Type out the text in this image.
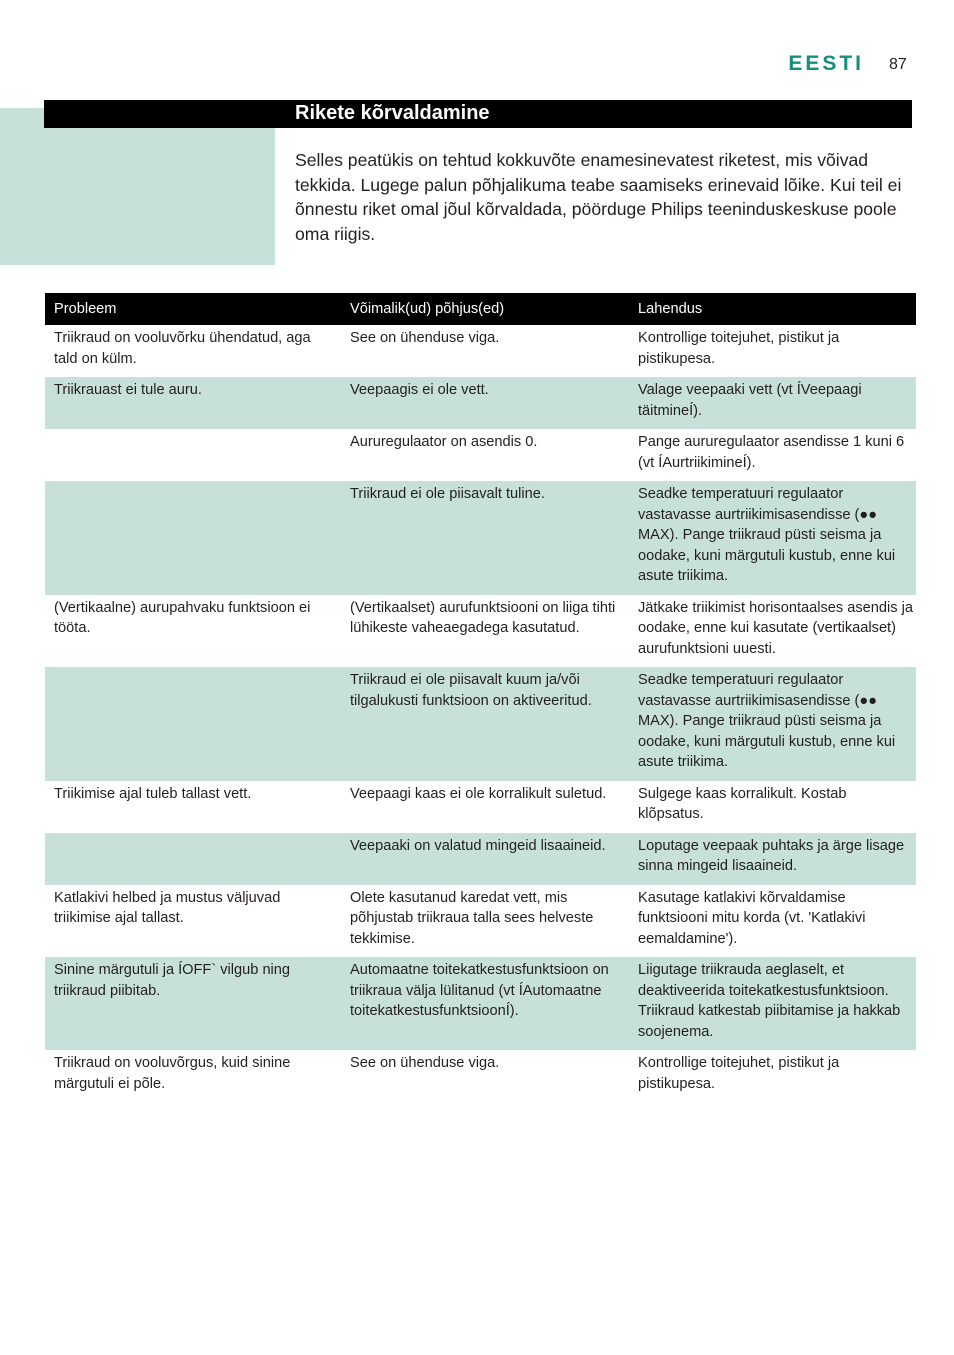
EESTI 87
Rikete kõrvaldamine
Selles peatükis on tehtud kokkuvõte enamesinevatest riketest, mis võivad tekkida. Lugege palun põhjalikuma teabe saamiseks erinevaid lõike. Kui teil ei õnnestu riket omal jõul kõrvaldada, pöörduge Philips teeninduskeskuse poole oma riigis.
Probleem	Võimalik(ud) põhjus(ed)	Lahendus
Triikraud on vooluvõrku ühendatud, aga tald on külm.	See on ühenduse viga.	Kontrollige toitejuhet, pistikut ja pistikupesa.
Triikrauast ei tule auru.	Veepaagis ei ole vett.	Valage veepaaki vett (vt ÍVeepaagi täitmineÍ).
	Aururegulaator on asendis 0.	Pange aururegulaator asendisse 1 kuni 6 (vt ÍAurtriikimineÍ).
	Triikraud ei ole piisavalt tuline.	Seadke temperatuuri regulaator vastavasse aurtriikimisasendisse (●● MAX). Pange triikraud püsti seisma ja oodake, kuni märgutuli kustub, enne kui asute triikima.
(Vertikaalne) aurupahvaku funktsioon ei tööta.	(Vertikaalset) aurufunktsiooni on liiga tihti lühikeste vaheaegadega kasutatud.	Jätkake triikimist horisontaalses asendis ja oodake, enne kui kasutate (vertikaalset) aurufunktsioni uuesti.
	Triikraud ei ole piisavalt kuum ja/või tilgalukusti funktsioon on aktiveeritud.	Seadke temperatuuri regulaator vastavasse aurtriikimisasendisse (●● MAX). Pange triikraud püsti seisma ja oodake, kuni märgutuli kustub, enne kui asute triikima.
Triikimise ajal tuleb tallast vett.	Veepaagi kaas ei ole korralikult suletud.	Sulgege kaas korralikult. Kostab klõpsatus.
	Veepaaki on valatud mingeid lisaaineid.	Loputage veepaak puhtaks ja ärge lisage sinna mingeid lisaaineid.
Katlakivi helbed ja mustus väljuvad triikimise ajal tallast.	Olete kasutanud karedat vett, mis põhjustab triikraua talla sees helveste tekkimise.	Kasutage katlakivi kõrvaldamise funktsiooni mitu korda (vt. 'Katlakivi eemaldamine').
Sinine märgutuli ja ÍOFF` vilgub ning triikraud piibitab.	Automaatne toitekatkestusfunktsioon on triikraua välja lülitanud (vt ÍAutomaatne toitekatkestusfunktsioonÍ).	Liigutage triikrauda aeglaselt, et deaktiveerida toitekatkestusfunktsioon. Triikraud katkestab piibitamise ja hakkab soojenema.
Triikraud on vooluvõrgus, kuid sinine märgutuli ei põle.	See on ühenduse viga.	Kontrollige toitejuhet, pistikut ja pistikupesa.
